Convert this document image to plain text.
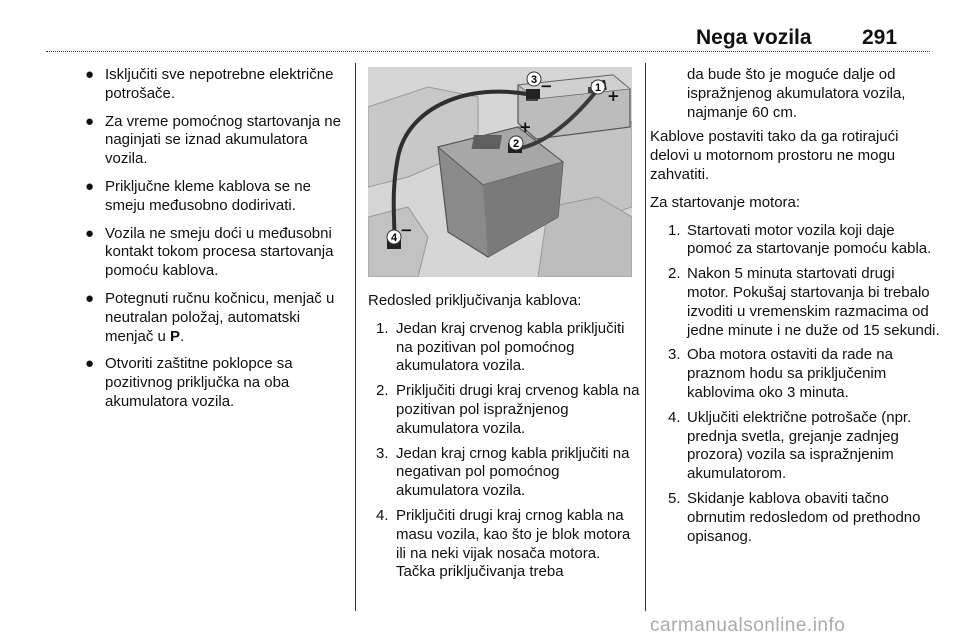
Nega vozila 291
● Isključiti sve nepotrebne električne potrošače.
● Za vreme pomoćnog startovanja ne naginjati se iznad akumulatora vozila.
● Priključne kleme kablova se ne smeju međusobno dodirivati.
● Vozila ne smeju doći u međusobni kontakt tokom procesa startovanja pomoću kablova.
● Potegnuti ručnu kočnicu, menjač u neutralan položaj, automatski menjač u P.
● Otvoriti zaštitne poklopce sa pozitivnog priključka na oba akumulatora vozila.
1
2
3
4
+
+
−
−

Redosled priključivanja kablova:

1. Jedan kraj crvenog kabla priključiti na pozitivan pol pomoćnog akumulatora vozila.
2. Priključiti drugi kraj crvenog kabla na pozitivan pol ispražnjenog akumulatora vozila.
3. Jedan kraj crnog kabla priključiti na negativan pol pomoćnog akumulatora vozila.
4. Priključiti drugi kraj crnog kabla na masu vozila, kao što je blok motora ili na neki vijak nosača motora. Tačka priključivanja treba
da bude što je moguće dalje od ispražnjenog akumulatora vozila, najmanje 60 cm.

Kablove postaviti tako da ga rotirajući delovi u motornom prostoru ne mogu zahvatiti.

Za startovanje motora:

1. Startovati motor vozila koji daje pomoć za startovanje pomoću kabla.
2. Nakon 5 minuta startovati drugi motor. Pokušaj startovanja bi trebalo izvoditi u vremenskim razmacima od jedne minute i ne duže od 15 sekundi.
3. Oba motora ostaviti da rade na praznom hodu sa priključenim kablovima oko 3 minuta.
4. Uključiti električne potrošače (npr. prednja svetla, grejanje zadnjeg prozora) vozila sa ispražnjenim akumulatorom.
5. Skidanje kablova obaviti tačno obrnutim redosledom od prethodno opisanog.
carmanualsonline.info
